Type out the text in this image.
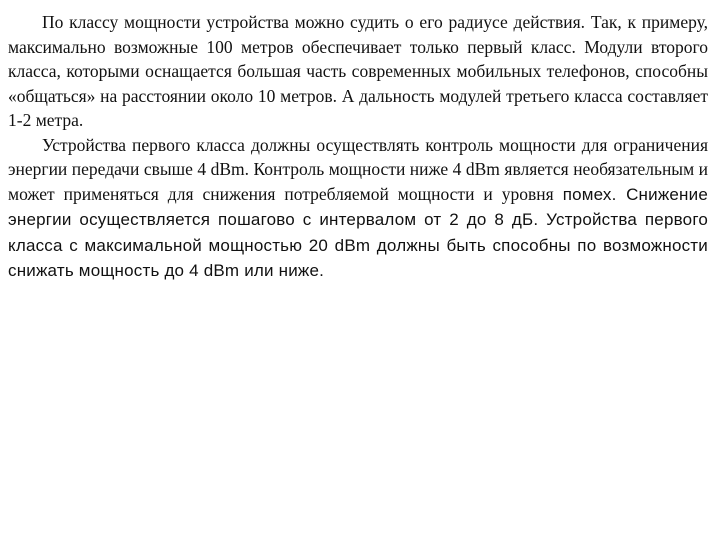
По классу мощности устройства можно судить о его радиусе действия. Так, к примеру, максимально возможные 100 метров обеспечивает только первый класс. Модули второго класса, которыми оснащается большая часть современных мобильных телефонов, способны «общаться» на расстоянии около 10 метров. А дальность модулей третьего класса составляет 1-2 метра.

Устройства первого класса должны осуществлять контроль мощности для ограничения энергии передачи свыше 4 dBm. Контроль мощности ниже 4 dBm является необязательным и может применяться для снижения потребляемой мощности и уровня помех. Снижение энергии осуществляется пошагово с интервалом от 2 до 8 дБ. Устройства первого класса с максимальной мощностью 20 dBm должны быть способны по возможности снижать мощность до 4 dBm или ниже.
